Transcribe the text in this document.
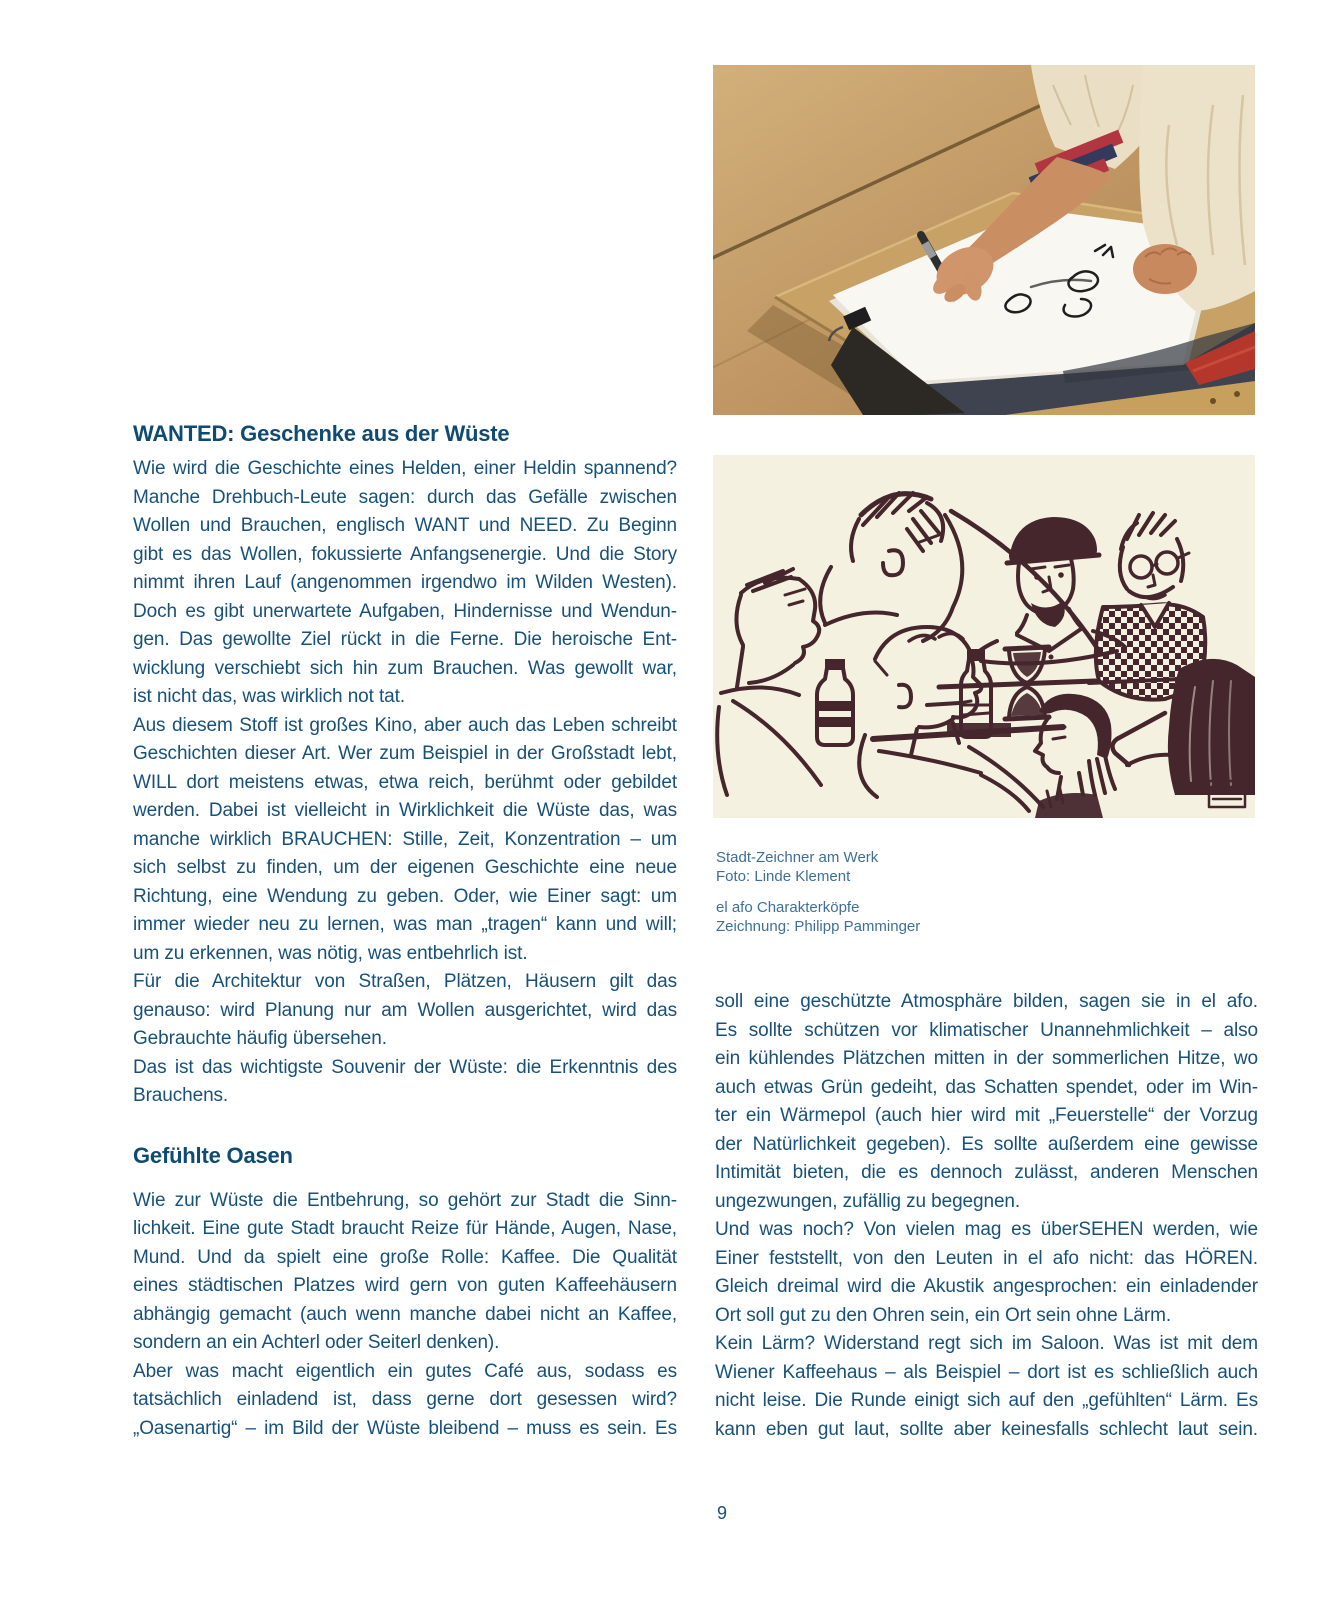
Stadt-Zeichner am Werk
Foto: Linde Klement
el afo Charakterköpfe
Zeichnung: Philipp Pamminger
WANTED: Geschenke aus der Wüste
Wie wird die Geschichte eines Helden, einer Heldin spannend?
Manche Drehbuch-Leute sagen: durch das Gefälle zwischen
Wollen und Brauchen, englisch WANT und NEED. Zu Beginn
gibt es das Wollen, fokussierte Anfangsenergie. Und die Story
nimmt ihren Lauf (angenommen irgendwo im Wilden Westen).
Doch es gibt unerwartete Aufgaben, Hindernisse und Wendun-
gen. Das gewollte Ziel rückt in die Ferne. Die heroische Ent-
wicklung verschiebt sich hin zum Brauchen. Was gewollt war,
ist nicht das, was wirklich not tat.
Aus diesem Stoff ist großes Kino, aber auch das Leben schreibt
Geschichten dieser Art. Wer zum Beispiel in der Großstadt lebt,
WILL dort meistens etwas, etwa reich, berühmt oder gebildet
werden. Dabei ist vielleicht in Wirklichkeit die Wüste das, was
manche wirklich BRAUCHEN: Stille, Zeit, Konzentration – um
sich selbst zu finden, um der eigenen Geschichte eine neue
Richtung, eine Wendung zu geben. Oder, wie Einer sagt: um
immer wieder neu zu lernen, was man „tragen“ kann und will;
um zu erkennen, was nötig, was entbehrlich ist.
Für die Architektur von Straßen, Plätzen, Häusern gilt das
genauso: wird Planung nur am Wollen ausgerichtet, wird das
Gebrauchte häufig übersehen.
Das ist das wichtigste Souvenir der Wüste: die Erkenntnis des
Brauchens.
Gefühlte Oasen
Wie zur Wüste die Entbehrung, so gehört zur Stadt die Sinn-
lichkeit. Eine gute Stadt braucht Reize für Hände, Augen, Nase,
Mund. Und da spielt eine große Rolle: Kaffee. Die Qualität
eines städtischen Platzes wird gern von guten Kaffeehäusern
abhängig gemacht (auch wenn manche dabei nicht an Kaffee,
sondern an ein Achterl oder Seiterl denken).
Aber was macht eigentlich ein gutes Café aus, sodass es
tatsächlich einladend ist, dass gerne dort gesessen wird?
„Oasenartig“ – im Bild der Wüste bleibend – muss es sein. Es
soll eine geschützte Atmosphäre bilden, sagen sie in el afo.
Es sollte schützen vor klimatischer Unannehmlichkeit – also
ein kühlendes Plätzchen mitten in der sommerlichen Hitze, wo
auch etwas Grün gedeiht, das Schatten spendet, oder im Win-
ter ein Wärmepol (auch hier wird mit „Feuerstelle“ der Vorzug
der Natürlichkeit gegeben). Es sollte außerdem eine gewisse
Intimität bieten, die es dennoch zulässt, anderen Menschen
ungezwungen, zufällig zu begegnen.
Und was noch? Von vielen mag es überSEHEN werden, wie
Einer feststellt, von den Leuten in el afo nicht: das HÖREN.
Gleich dreimal wird die Akustik angesprochen: ein einladender
Ort soll gut zu den Ohren sein, ein Ort sein ohne Lärm.
Kein Lärm? Widerstand regt sich im Saloon. Was ist mit dem
Wiener Kaffeehaus – als Beispiel – dort ist es schließlich auch
nicht leise. Die Runde einigt sich auf den „gefühlten“ Lärm. Es
kann eben gut laut, sollte aber keinesfalls schlecht laut sein.
9
